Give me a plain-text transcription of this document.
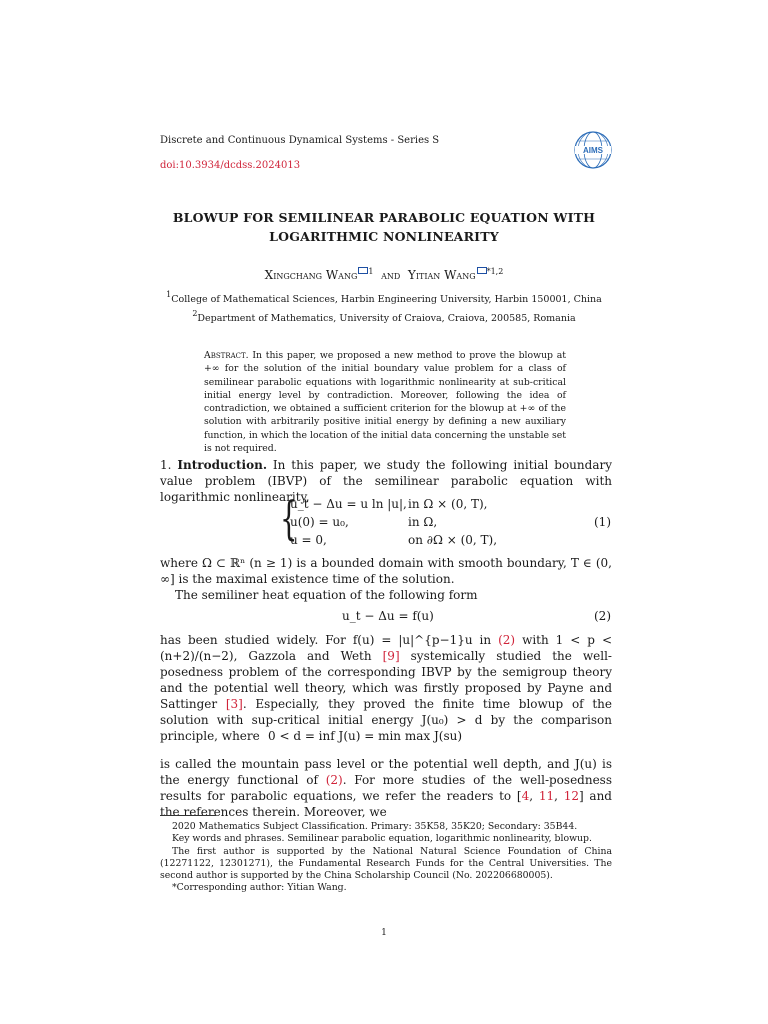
Discrete and Continuous Dynamical Systems - Series S
doi:10.3934/dcdss.2024013
AIMS
BLOWUP FOR SEMILINEAR PARABOLIC EQUATION WITH
LOGARITHMIC NONLINEARITY
Xingchang Wang $^1$ and Yitian Wang $^{*1,2}$
$^1$College of Mathematical Sciences, Harbin Engineering University, Harbin 150001, China
$^2$Department of Mathematics, University of Craiova, Craiova, 200585, Romania
Abstract. In this paper, we proposed a new method to prove the blowup at +∞ for the solution of the initial boundary value problem for a class of semilinear parabolic equations with logarithmic nonlinearity at sub-critical initial energy level by contradiction. Moreover, following the idea of contradiction, we obtained a sufficient criterion for the blowup at +∞ of the solution with arbitrarily positive initial energy by defining a new auxiliary function, in which the location of the initial data concerning the unstable set is not required.
1. Introduction. In this paper, we study the following initial boundary value problem (IBVP) of the semilinear parabolic equation with logarithmic nonlinearity,
{
u_t − Δu = u ln |u|, in Ω × (0, T),
u(0) = u₀,	in Ω,
u = 0,	on ∂Ω × (0, T),
(1)
where Ω ⊂ ℝⁿ (n ≥ 1) is a bounded domain with smooth boundary, T ∈ (0, ∞] is the maximal existence time of the solution.
The semiliner heat equation of the following form
u_t − Δu = f(u)	(2)
has been studied widely. For f(u) = |u|^{p−1}u in (2) with 1 < p < (n+2)/(n−2), Gazzola and Weth [9] systemically studied the well-posedness problem of the corresponding IBVP by the semigroup theory and the potential well theory, which was firstly proposed by Payne and Sattinger [3]. Especially, they proved the finite time blowup of the solution with sup-critical initial energy J(u₀) > d by the comparison principle, where 0 < d = inf J(u) = min max J(su)
is called the mountain pass level or the potential well depth, and J(u) is the energy functional of (2). For more studies of the well-posedness results for parabolic equations, we refer the readers to [4, 11, 12] and the references therein. Moreover, we

2020 Mathematics Subject Classification. Primary: 35K58, 35K20; Secondary: 35B44.

Key words and phrases. Semilinear parabolic equation, logarithmic nonlinearity, blowup.

The first author is supported by the National Natural Science Foundation of China (12271122, 12301271), the Fundamental Research Funds for the Central Universities. The second author is supported by the China Scholarship Council (No. 202206680005).

*Corresponding author: Yitian Wang.

1
